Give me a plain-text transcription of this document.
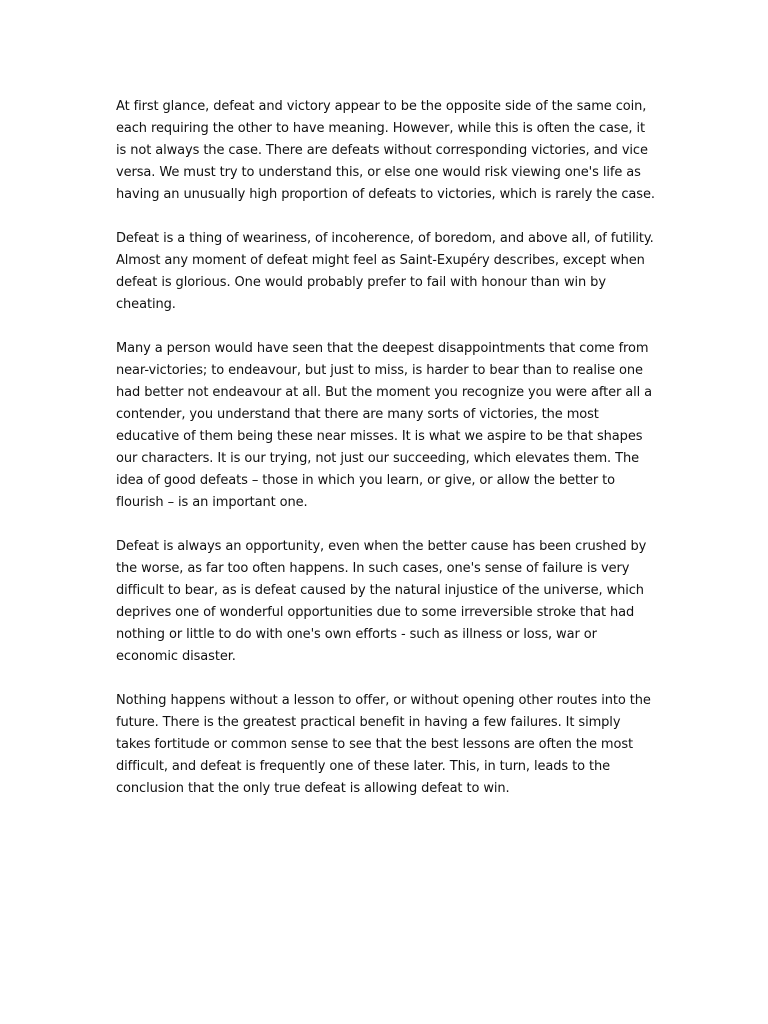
At first glance, defeat and victory appear to be the opposite side of the same coin, each requiring the other to have meaning. However, while this is often the case, it is not always the case. There are defeats without corresponding victories, and vice versa. We must try to understand this, or else one would risk viewing one's life as having an unusually high proportion of defeats to victories, which is rarely the case.

Defeat is a thing of weariness, of incoherence, of boredom, and above all, of futility. Almost any moment of defeat might feel as Saint-Exupéry describes, except when defeat is glorious. One would probably prefer to fail with honour than win by cheating.

Many a person would have seen that the deepest disappointments that come from near-victories; to endeavour, but just to miss, is harder to bear than to realise one had better not endeavour at all. But the moment you recognize you were after all a contender, you understand that there are many sorts of victories, the most educative of them being these near misses. It is what we aspire to be that shapes our characters. It is our trying, not just our succeeding, which elevates them. The idea of good defeats – those in which you learn, or give, or allow the better to flourish – is an important one.

Defeat is always an opportunity, even when the better cause has been crushed by the worse, as far too often happens. In such cases, one's sense of failure is very difficult to bear, as is defeat caused by the natural injustice of the universe, which deprives one of wonderful opportunities due to some irreversible stroke that had nothing or little to do with one's own efforts - such as illness or loss, war or economic disaster.

Nothing happens without a lesson to offer, or without opening other routes into the future. There is the greatest practical benefit in having a few failures. It simply takes fortitude or common sense to see that the best lessons are often the most difficult, and defeat is frequently one of these later. This, in turn, leads to the conclusion that the only true defeat is allowing defeat to win.
